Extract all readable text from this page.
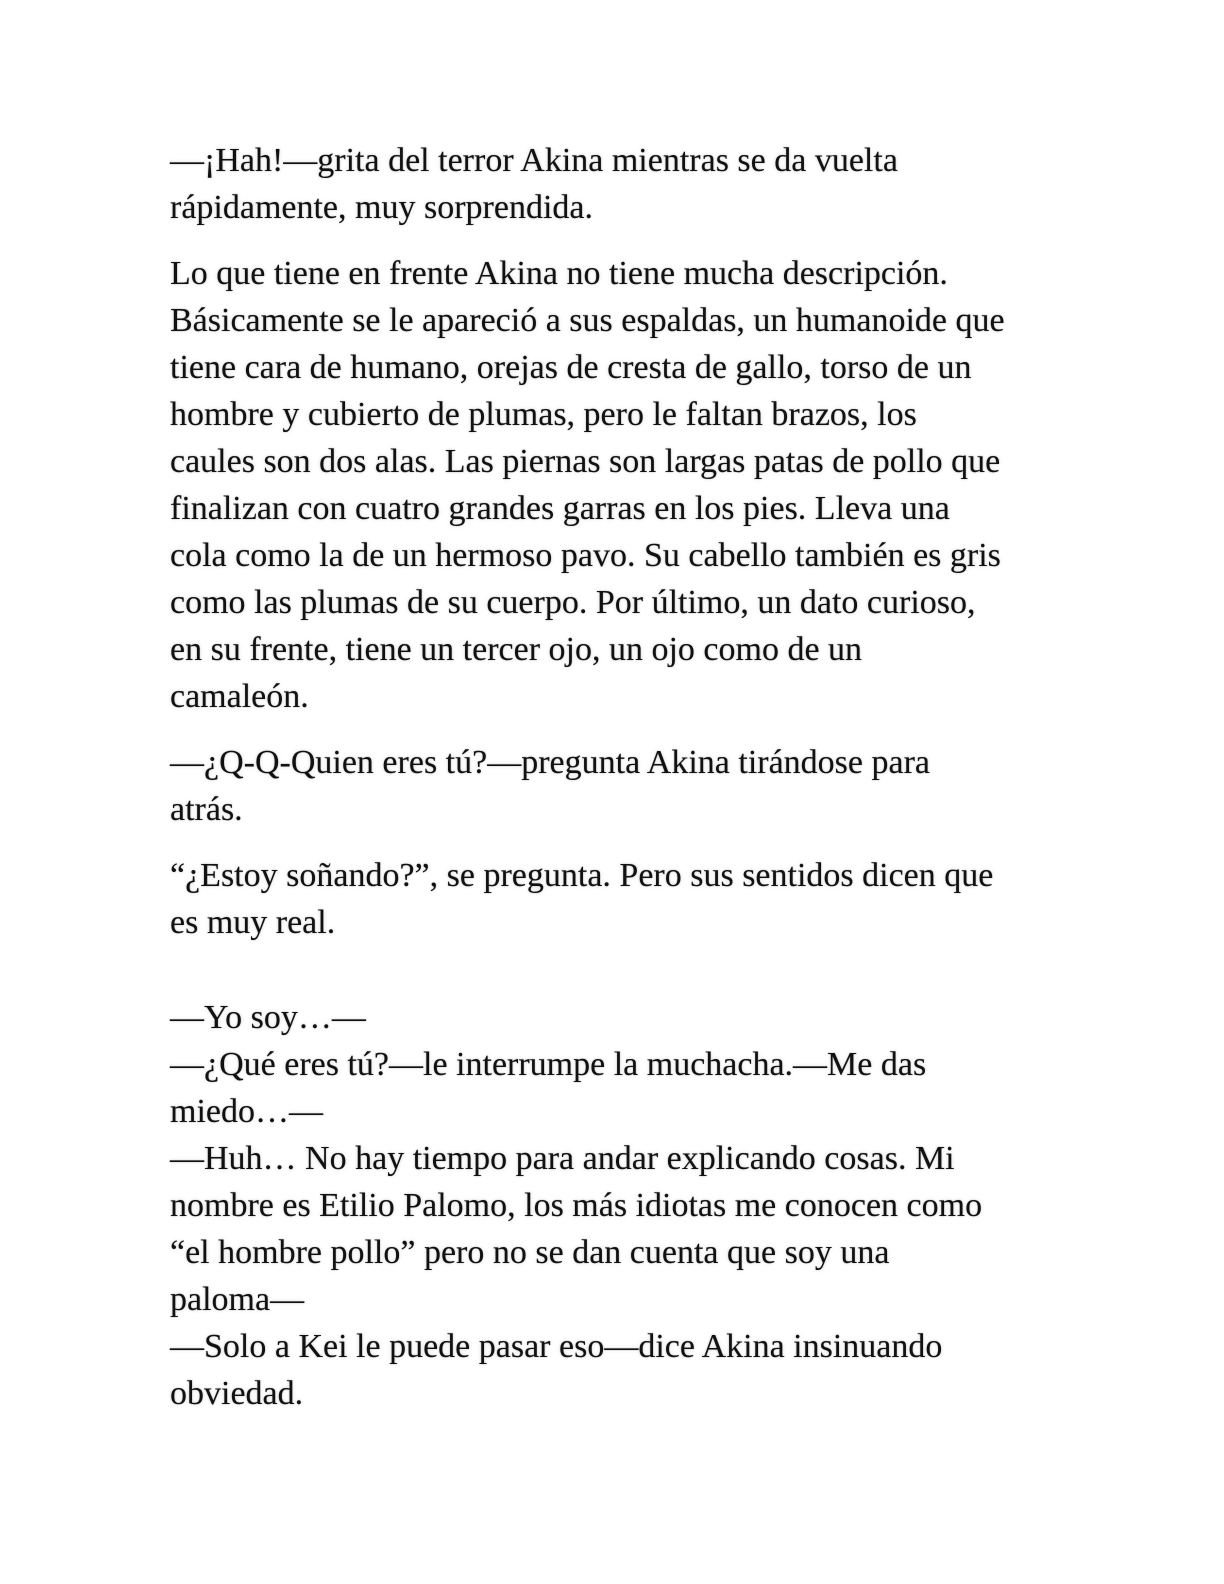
—¡Hah!—grita del terror Akina mientras se da vuelta
rápidamente, muy sorprendida.
Lo que tiene en frente Akina no tiene mucha descripción.
Básicamente se le apareció a sus espaldas, un humanoide que
tiene cara de humano, orejas de cresta de gallo, torso de un
hombre y cubierto de plumas, pero le faltan brazos, los
caules son dos alas. Las piernas son largas patas de pollo que
finalizan con cuatro grandes garras en los pies. Lleva una
cola como la de un hermoso pavo. Su cabello también es gris
como las plumas de su cuerpo. Por último, un dato curioso,
en su frente, tiene un tercer ojo, un ojo como de un
camaleón.
—¿Q-Q-Quien eres tú?—pregunta Akina tirándose para
atrás.
“¿Estoy soñando?”, se pregunta. Pero sus sentidos dicen que
es muy real.
—Yo soy…—
—¿Qué eres tú?—le interrumpe la muchacha.—Me das
miedo…—
—Huh… No hay tiempo para andar explicando cosas. Mi
nombre es Etilio Palomo, los más idiotas me conocen como
“el hombre pollo” pero no se dan cuenta que soy una
paloma—
—Solo a Kei le puede pasar eso—dice Akina insinuando
obviedad.
